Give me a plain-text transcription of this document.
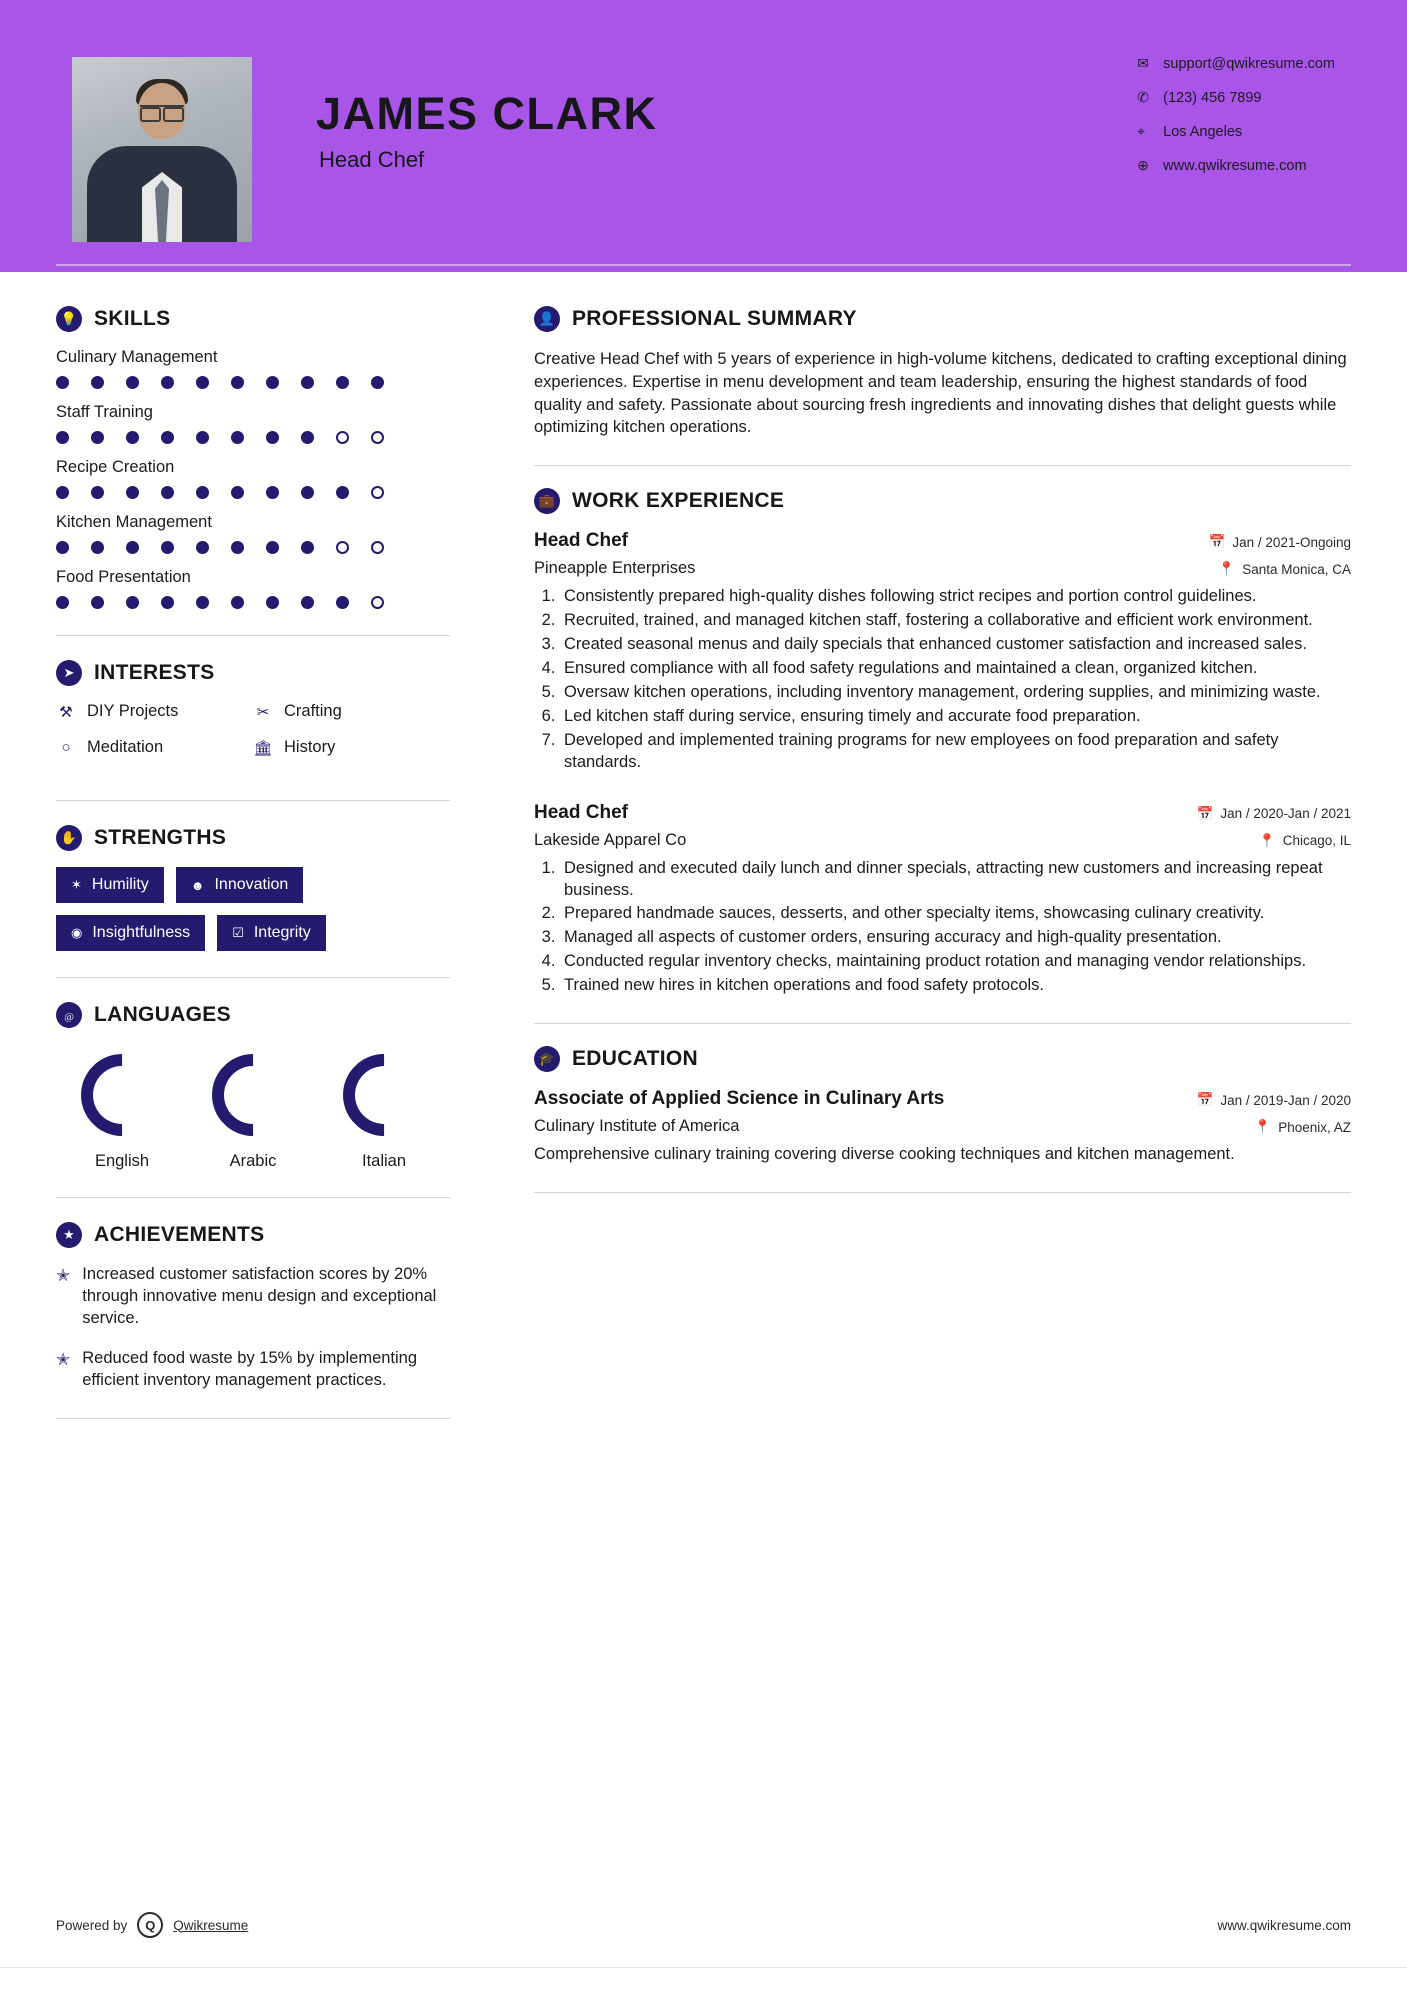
JAMES CLARK
Head Chef
✉ support@qwikresume.com
✆ (123) 456 7899
⌖	Los Angeles
⊕ www.qwikresume.com
💡 SKILLS
Culinary Management
Staff Training
Recipe Creation
Kitchen Management
Food Presentation
➤ INTERESTS
⚒ DIY Projects	✂ Crafting
○ Meditation	🏛 History
✋ STRENGTHS
✶ Humility	☻ Innovation
◉ Insightfulness	☑ Integrity
﹫ LANGUAGES
English	Arabic	Italian
★ ACHIEVEMENTS
✭ Increased customer satisfaction scores by 20% through innovative menu design and exceptional service.

✭ Reduced food waste by 15% by implementing efficient inventory management practices.

👤 PROFESSIONAL SUMMARY

Creative Head Chef with 5 years of experience in high-volume kitchens, dedicated to crafting exceptional dining experiences. Expertise in menu development and team leadership, ensuring the highest standards of food quality and safety. Passionate about sourcing fresh ingredients and innovating dishes that delight guests while optimizing kitchen operations.

💼 WORK EXPERIENCE
Head Chef	📅 Jan / 2021-Ongoing
Pineapple Enterprises	📍 Santa Monica, CA
1. Consistently prepared high-quality dishes following strict recipes and portion control guidelines.
2. Recruited, trained, and managed kitchen staff, fostering a collaborative and efficient work environment.
3. Created seasonal menus and daily specials that enhanced customer satisfaction and increased sales.
4. Ensured compliance with all food safety regulations and maintained a clean, organized kitchen.
5. Oversaw kitchen operations, including inventory management, ordering supplies, and minimizing waste.
6. Led kitchen staff during service, ensuring timely and accurate food preparation.
7. Developed and implemented training programs for new employees on food preparation and safety standards.
Head Chef	📅 Jan / 2020-Jan / 2021
Lakeside Apparel Co	📍 Chicago, IL
1. Designed and executed daily lunch and dinner specials, attracting new customers and increasing repeat business.
2. Prepared handmade sauces, desserts, and other specialty items, showcasing culinary creativity.
3. Managed all aspects of customer orders, ensuring accuracy and high-quality presentation.
4. Conducted regular inventory checks, maintaining product rotation and managing vendor relationships.
5. Trained new hires in kitchen operations and food safety protocols.
🎓 EDUCATION
Associate of Applied Science in Culinary Arts	📅 Jan / 2019-Jan / 2020
Culinary Institute of America	📍 Phoenix, AZ

Comprehensive culinary training covering diverse cooking techniques and kitchen management.

Powered by	Q	Qwikresume	www.qwikresume.com
